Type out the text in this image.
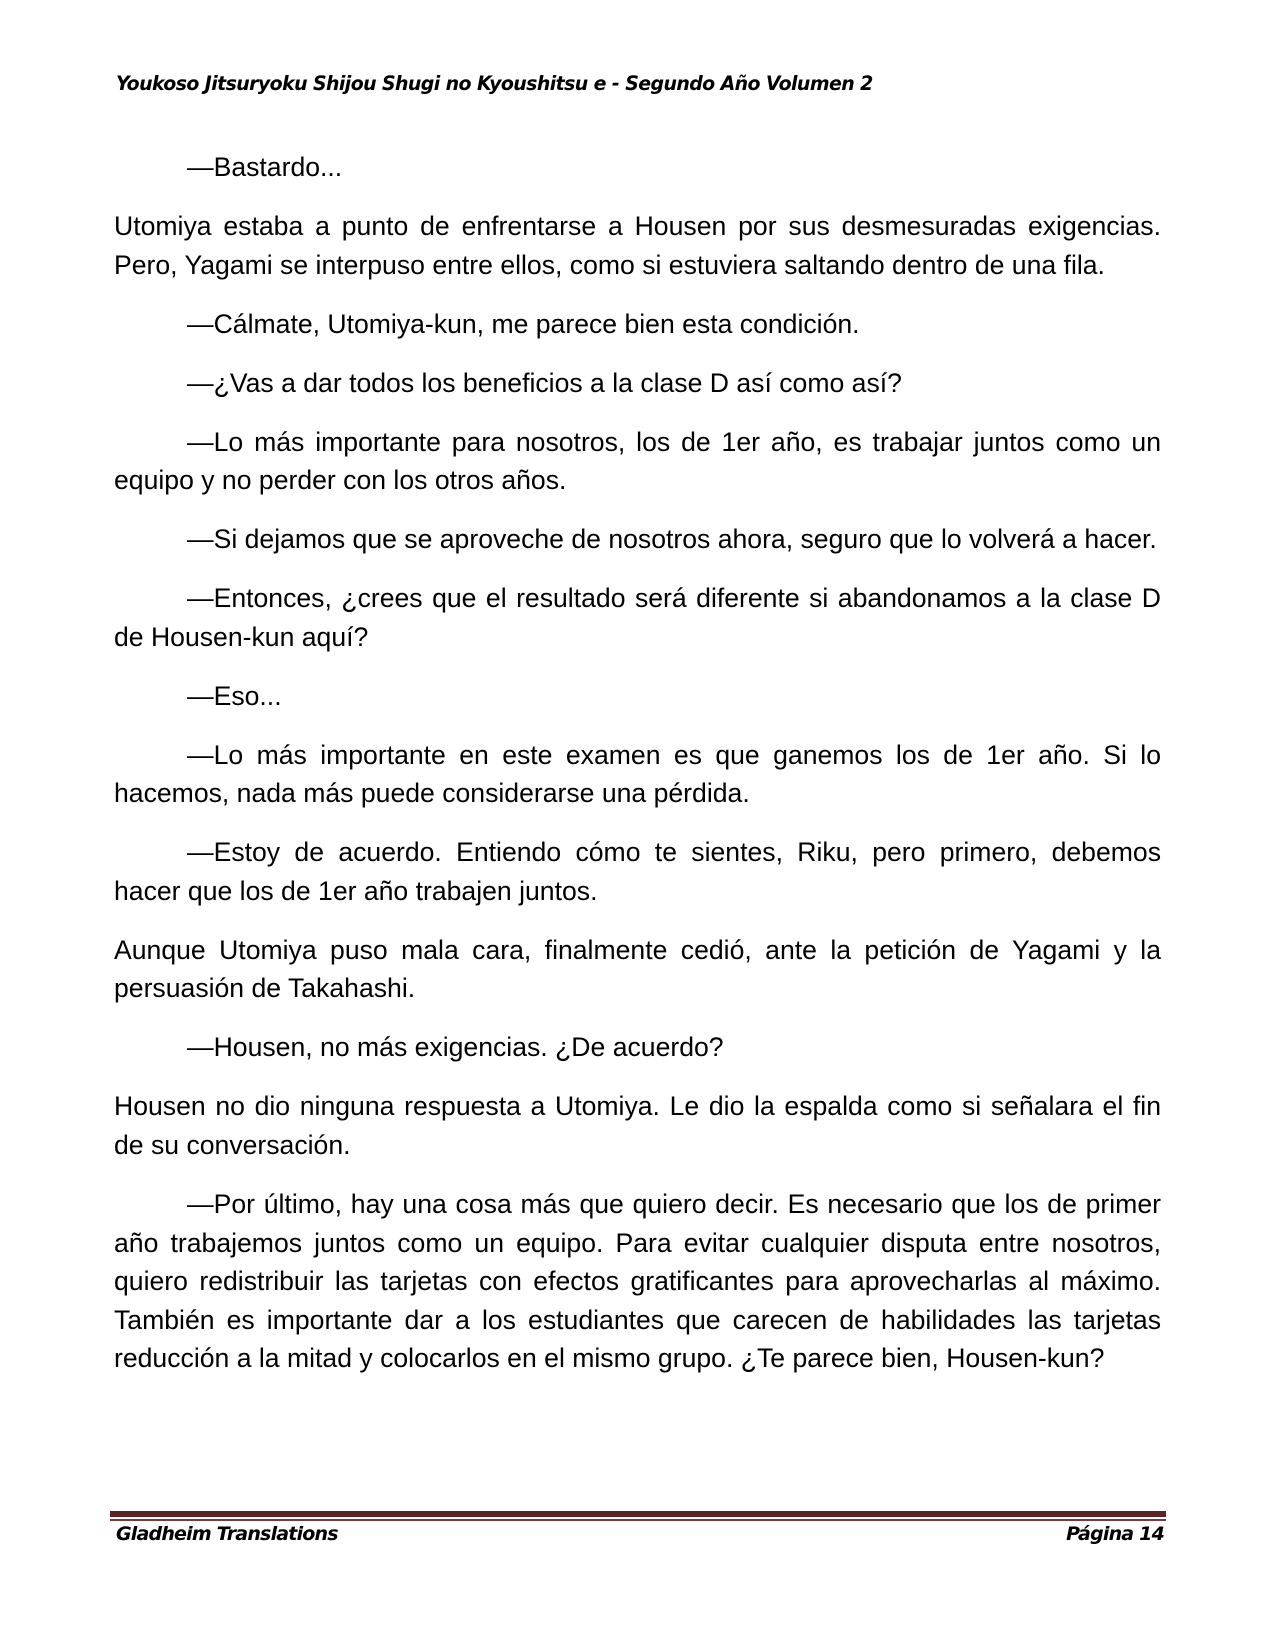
Youkoso Jitsuryoku Shijou Shugi no Kyoushitsu e - Segundo Año Volumen 2

—Bastardo...

Utomiya estaba a punto de enfrentarse a Housen por sus desmesuradas exigencias. Pero, Yagami se interpuso entre ellos, como si estuviera saltando dentro de una fila.

—Cálmate, Utomiya-kun, me parece bien esta condición.

—¿Vas a dar todos los beneficios a la clase D así como así?

—Lo más importante para nosotros, los de 1er año, es trabajar juntos como un equipo y no perder con los otros años.

—Si dejamos que se aproveche de nosotros ahora, seguro que lo volverá a hacer.

—Entonces, ¿crees que el resultado será diferente si abandonamos a la clase D de Housen-kun aquí?

—Eso...

—Lo más importante en este examen es que ganemos los de 1er año. Si lo hacemos, nada más puede considerarse una pérdida.

—Estoy de acuerdo. Entiendo cómo te sientes, Riku, pero primero, debemos hacer que los de 1er año trabajen juntos.

Aunque Utomiya puso mala cara, finalmente cedió, ante la petición de Yagami y la persuasión de Takahashi.

—Housen, no más exigencias. ¿De acuerdo?

Housen no dio ninguna respuesta a Utomiya. Le dio la espalda como si señalara el fin de su conversación.

—Por último, hay una cosa más que quiero decir. Es necesario que los de primer año trabajemos juntos como un equipo. Para evitar cualquier disputa entre nosotros, quiero redistribuir las tarjetas con efectos gratificantes para aprovecharlas al máximo. También es importante dar a los estudiantes que carecen de habilidades las tarjetas reducción a la mitad y colocarlos en el mismo grupo. ¿Te parece bien, Housen-kun?

Gladheim Translations	Página 14
